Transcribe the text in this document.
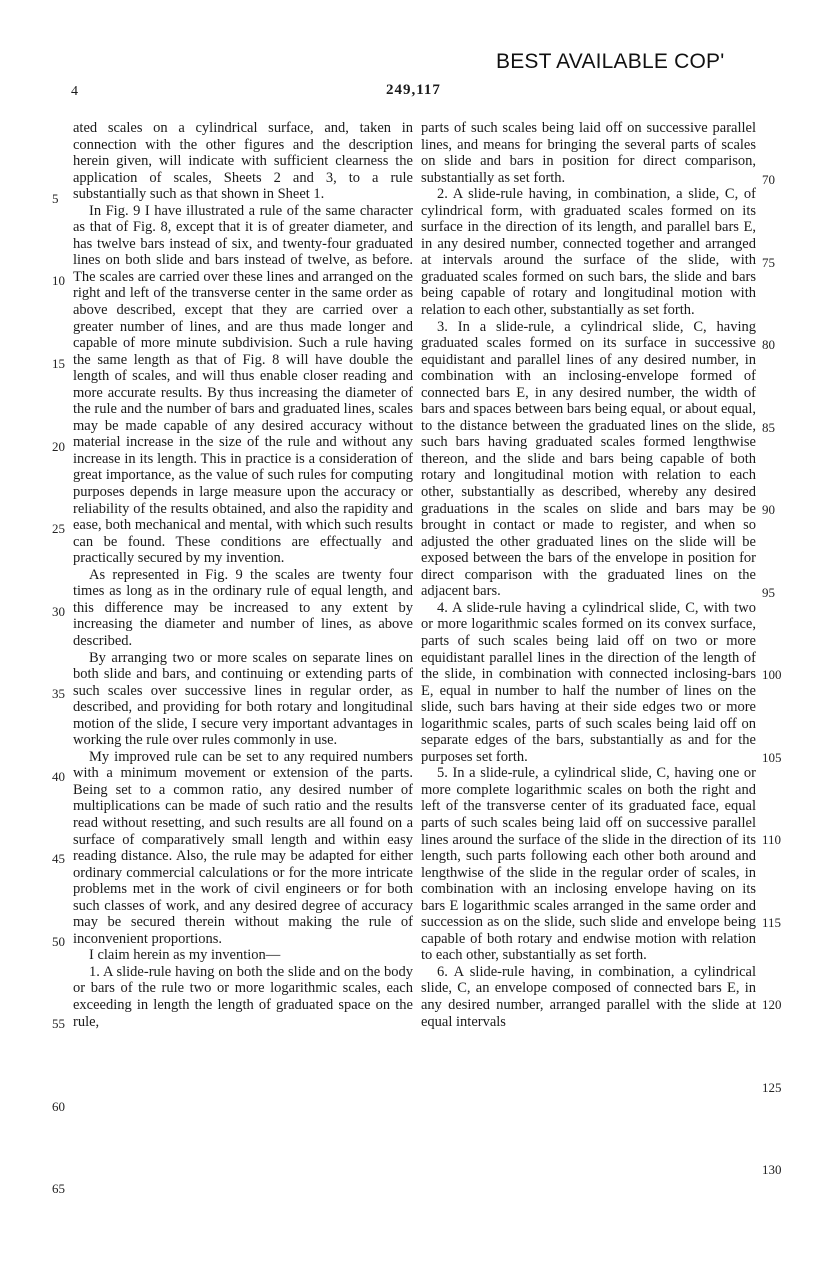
BEST AVAILABLE COP'
4	249,117

ated scales on a cylindrical surface, and, taken in connection with the other figures and the description herein given, will indicate with sufficient clearness the application of scales, Sheets 2 and 3, to a rule substantially such as that shown in Sheet 1.

In Fig. 9 I have illustrated a rule of the same character as that of Fig. 8, except that it is of greater diameter, and has twelve bars instead of six, and twenty-four graduated lines on both slide and bars instead of twelve, as before. The scales are carried over these lines and arranged on the right and left of the transverse center in the same order as above described, except that they are carried over a greater number of lines, and are thus made longer and capable of more minute subdivision. Such a rule having the same length as that of Fig. 8 will have double the length of scales, and will thus enable closer reading and more accurate results. By thus increasing the diameter of the rule and the number of bars and graduated lines, scales may be made capable of any desired accuracy without material increase in the size of the rule and without any increase in its length. This in practice is a consideration of great importance, as the value of such rules for computing purposes depends in large measure upon the accuracy or reliability of the results obtained, and also the rapidity and ease, both mechanical and mental, with which such results can be found. These conditions are effectually and practically secured by my invention.

As represented in Fig. 9 the scales are twenty four times as long as in the ordinary rule of equal length, and this difference may be increased to any extent by increasing the diameter and number of lines, as above described.

By arranging two or more scales on separate lines on both slide and bars, and continuing or extending parts of such scales over successive lines in regular order, as described, and providing for both rotary and longitudinal motion of the slide, I secure very important advantages in working the rule over rules commonly in use.

My improved rule can be set to any required numbers with a minimum movement or extension of the parts. Being set to a common ratio, any desired number of multiplications can be made of such ratio and the results read without resetting, and such results are all found on a surface of comparatively small length and within easy reading distance. Also, the rule may be adapted for either ordinary commercial calculations or for the more intricate problems met in the work of civil engineers or for both such classes of work, and any desired degree of accuracy may be secured therein without making the rule of inconvenient proportions.

I claim herein as my invention—

1. A slide-rule having on both the slide and on the body or bars of the rule two or more logarithmic scales, each exceeding in length the length of graduated space on the rule,

parts of such scales being laid off on successive parallel lines, and means for bringing the several parts of scales on slide and bars in position for direct comparison, substantially as set forth.

2. A slide-rule having, in combination, a slide, C, of cylindrical form, with graduated scales formed on its surface in the direction of its length, and parallel bars E, in any desired number, connected together and arranged at intervals around the surface of the slide, with graduated scales formed on such bars, the slide and bars being capable of rotary and longitudinal motion with relation to each other, substantially as set forth.

3. In a slide-rule, a cylindrical slide, C, having graduated scales formed on its surface in successive equidistant and parallel lines of any desired number, in combination with an inclosing-envelope formed of connected bars E, in any desired number, the width of bars and spaces between bars being equal, or about equal, to the distance between the graduated lines on the slide, such bars having graduated scales formed lengthwise thereon, and the slide and bars being capable of both rotary and longitudinal motion with relation to each other, substantially as described, whereby any desired graduations in the scales on slide and bars may be brought in contact or made to register, and when so adjusted the other graduated lines on the slide will be exposed between the bars of the envelope in position for direct comparison with the graduated lines on the adjacent bars.

4. A slide-rule having a cylindrical slide, C, with two or more logarithmic scales formed on its convex surface, parts of such scales being laid off on two or more equidistant parallel lines in the direction of the length of the slide, in combination with connected inclosing-bars E, equal in number to half the number of lines on the slide, such bars having at their side edges two or more logarithmic scales, parts of such scales being laid off on separate edges of the bars, substantially as and for the purposes set forth.

5. In a slide-rule, a cylindrical slide, C, having one or more complete logarithmic scales on both the right and left of the transverse center of its graduated face, equal parts of such scales being laid off on successive parallel lines around the surface of the slide in the direction of its length, such parts following each other both around and lengthwise of the slide in the regular order of scales, in combination with an inclosing envelope having on its bars E logarithmic scales arranged in the same order and succession as on the slide, such slide and envelope being capable of both rotary and endwise motion with relation to each other, substantially as set forth.

6. A slide-rule having, in combination, a cylindrical slide, C, an envelope composed of connected bars E, in any desired number, arranged parallel with the slide at equal intervals

5
10
15
20
25
30
35
40
45
50
55
60
65
70
75
80
85
90
95
100
105
110
115
120
125
130
